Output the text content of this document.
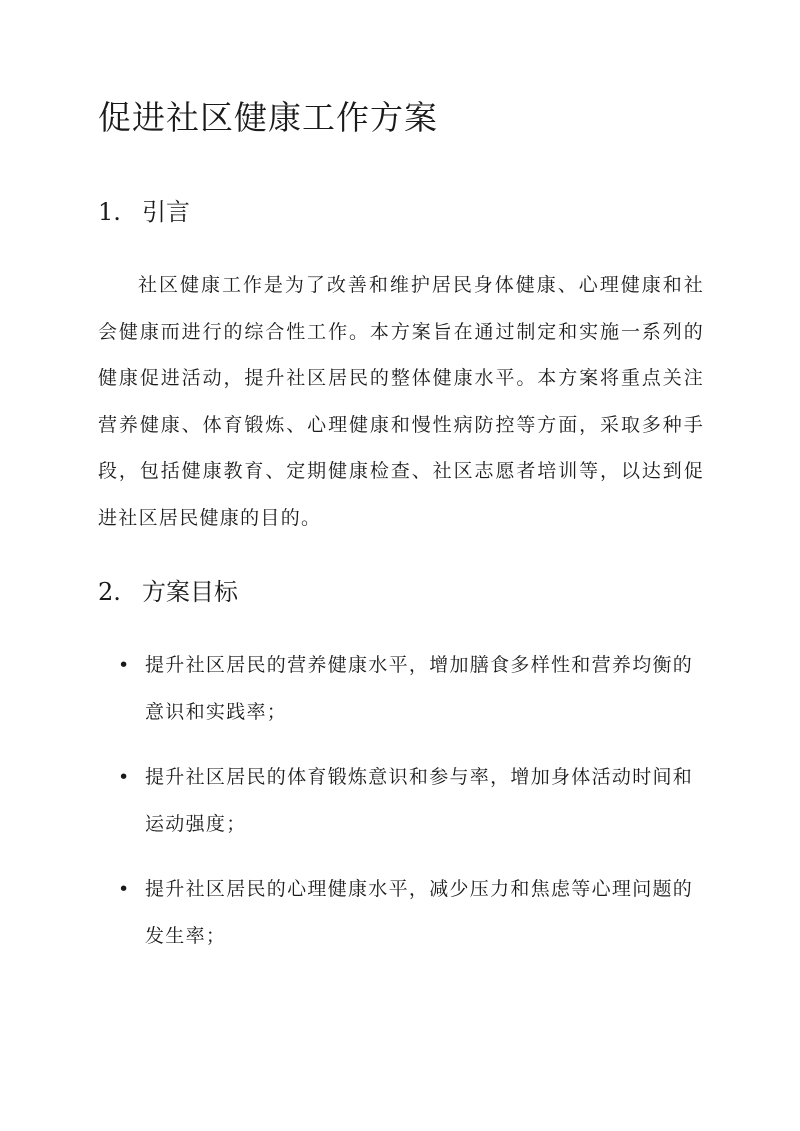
促进社区健康工作方案
1. 引言

社区健康工作是为了改善和维护居民身体健康、心理健康和社会健康而进行的综合性工作。本方案旨在通过制定和实施一系列的健康促进活动，提升社区居民的整体健康水平。本方案将重点关注营养健康、体育锻炼、心理健康和慢性病防控等方面，采取多种手段，包括健康教育、定期健康检查、社区志愿者培训等，以达到促进社区居民健康的目的。

2. 方案目标
• 提升社区居民的营养健康水平，增加膳食多样性和营养均衡的意识和实践率；
• 提升社区居民的体育锻炼意识和参与率，增加身体活动时间和运动强度；
• 提升社区居民的心理健康水平，减少压力和焦虑等心理问题的发生率；
